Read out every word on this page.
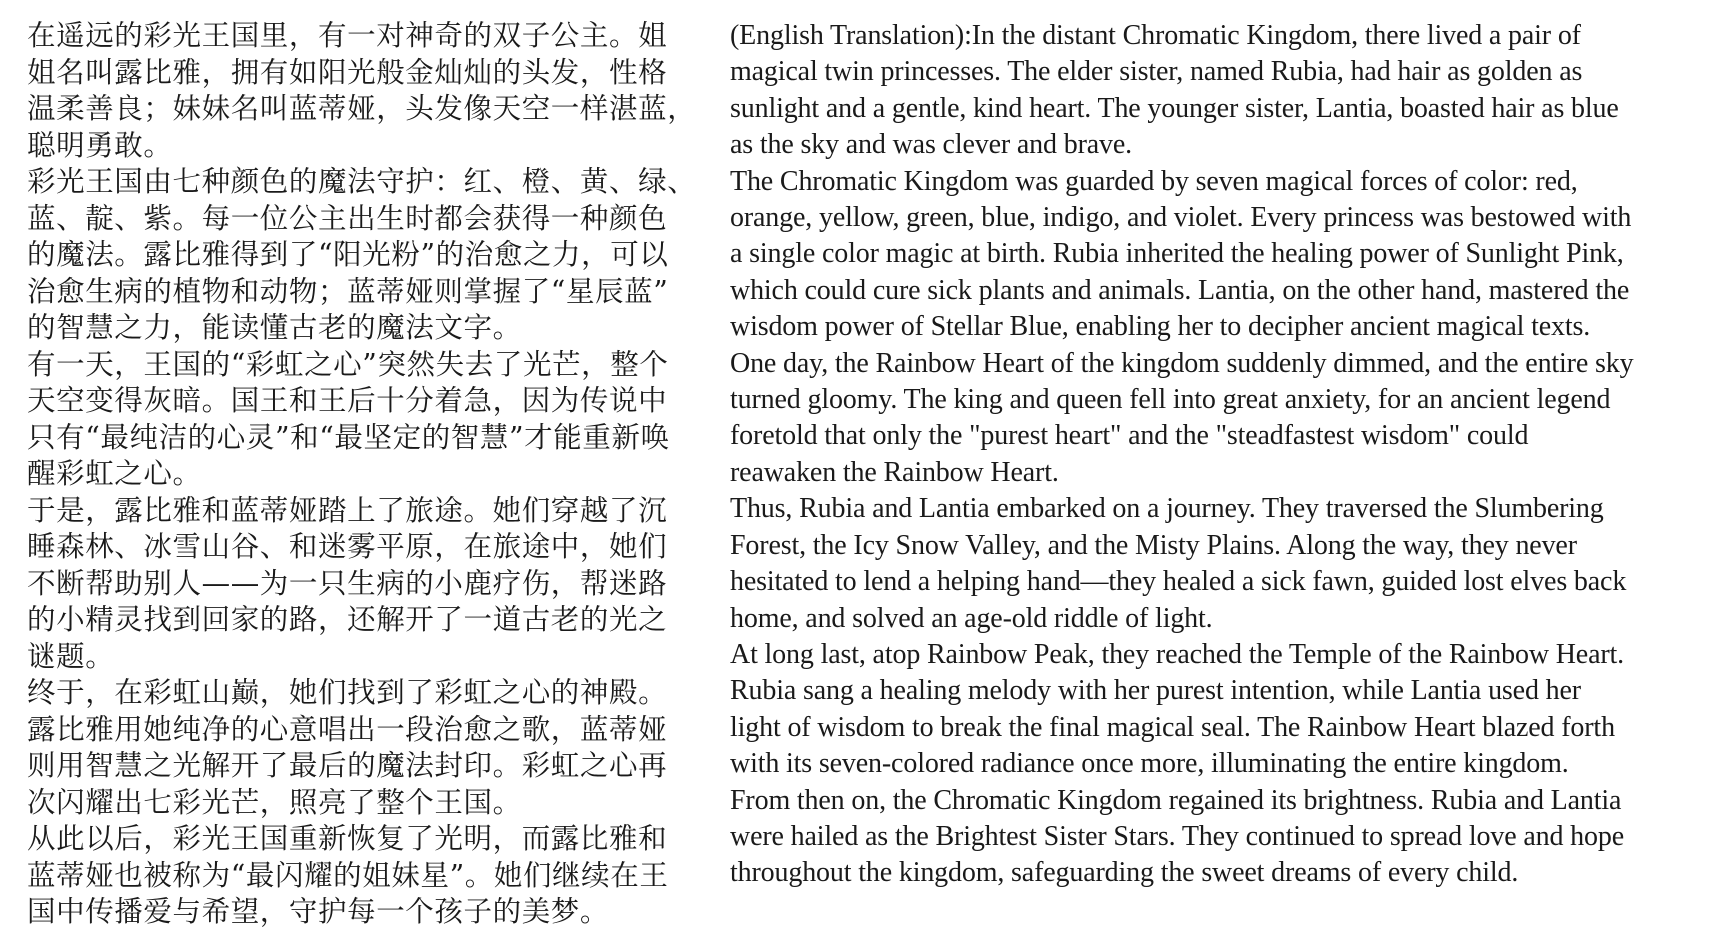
在遥远的彩光王国里，有一对神奇的双子公主。姐
姐名叫露比雅，拥有如阳光般金灿灿的头发，性格
温柔善良；妹妹名叫蓝蒂娅，头发像天空一样湛蓝，
聪明勇敢。
彩光王国由七种颜色的魔法守护：红、橙、黄、绿、
蓝、靛、紫。每一位公主出生时都会获得一种颜色
的魔法。露比雅得到了“阳光粉”的治愈之力，可以
治愈生病的植物和动物；蓝蒂娅则掌握了“星辰蓝”
的智慧之力，能读懂古老的魔法文字。
有一天，王国的“彩虹之心”突然失去了光芒，整个
天空变得灰暗。国王和王后十分着急，因为传说中
只有“最纯洁的心灵”和“最坚定的智慧”才能重新唤
醒彩虹之心。
于是，露比雅和蓝蒂娅踏上了旅途。她们穿越了沉
睡森林、冰雪山谷、和迷雾平原，在旅途中，她们
不断帮助别人——为一只生病的小鹿疗伤，帮迷路
的小精灵找到回家的路，还解开了一道古老的光之
谜题。
终于，在彩虹山巅，她们找到了彩虹之心的神殿。
露比雅用她纯净的心意唱出一段治愈之歌，蓝蒂娅
则用智慧之光解开了最后的魔法封印。彩虹之心再
次闪耀出七彩光芒，照亮了整个王国。
从此以后，彩光王国重新恢复了光明，而露比雅和
蓝蒂娅也被称为“最闪耀的姐妹星”。她们继续在王
国中传播爱与希望，守护每一个孩子的美梦。
(English Translation):In the distant Chromatic Kingdom, there lived a pair of
magical twin princesses. The elder sister, named Rubia, had hair as golden as
sunlight and a gentle, kind heart. The younger sister, Lantia, boasted hair as blue
as the sky and was clever and brave.
The Chromatic Kingdom was guarded by seven magical forces of color: red,
orange, yellow, green, blue, indigo, and violet. Every princess was bestowed with
a single color magic at birth. Rubia inherited the healing power of Sunlight Pink,
which could cure sick plants and animals. Lantia, on the other hand, mastered the
wisdom power of Stellar Blue, enabling her to decipher ancient magical texts.
One day, the Rainbow Heart of the kingdom suddenly dimmed, and the entire sky
turned gloomy. The king and queen fell into great anxiety, for an ancient legend
foretold that only the "purest heart" and the "steadfastest wisdom" could
reawaken the Rainbow Heart.
Thus, Rubia and Lantia embarked on a journey. They traversed the Slumbering
Forest, the Icy Snow Valley, and the Misty Plains. Along the way, they never
hesitated to lend a helping hand—they healed a sick fawn, guided lost elves back
home, and solved an age-old riddle of light.
At long last, atop Rainbow Peak, they reached the Temple of the Rainbow Heart.
Rubia sang a healing melody with her purest intention, while Lantia used her
light of wisdom to break the final magical seal. The Rainbow Heart blazed forth
with its seven-colored radiance once more, illuminating the entire kingdom.
From then on, the Chromatic Kingdom regained its brightness. Rubia and Lantia
were hailed as the Brightest Sister Stars. They continued to spread love and hope
throughout the kingdom, safeguarding the sweet dreams of every child.
